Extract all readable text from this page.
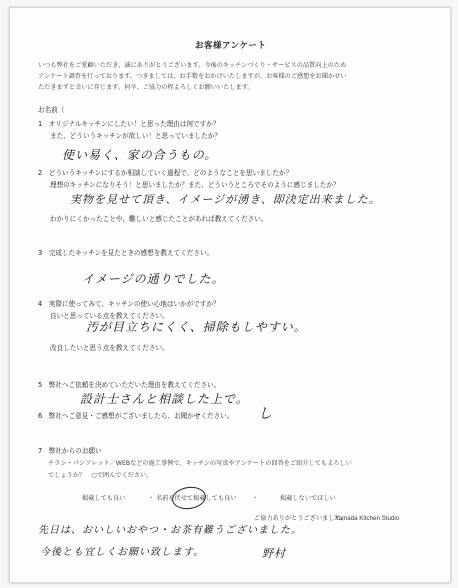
お客様アンケート
いつも弊社をご愛顧いただき、誠にありがとうございます。今後のキッチンづくり・サービスの品質向上のため
アンケート調査を行っております。つきましては、お手数をおかけいたしますが、お客様のご感想をお聞かせい
ただきますと幸いに存じます。何卒、ご協力の程よろしくお願いいたします。
お名前（
1　オリジナルキッチンにしたい！と思った理由は何ですか？
また、どういうキッチンが欲しい！と思っていましたか？
使い易く、家の合うもの。
2　どういうキッチンにするか相談していく過程で、どのようなことを思いましたか？
理想のキッチンになりそう！と思いましたか？また、どういうところでそのように感じましたか？
実物を見せて頂き、イメージが湧き、即決定出来ました。
わかりにくかったことや、難しいと感じたことがあれば教えてください。
3　完成したキッチンを見たときの感想を教えてください。
イメージの通りでした。
4　実際に使ってみて、キッチンの使い心地はいかがですか？
良いと思っている点を教えてください。
汚が目立ちにくく、掃除もしやすい。
改良したいと思う点を教えてください。
5　弊社へご依頼を決めていただいた理由を教えてください。
設計士さんと相談した上で。
6　弊社へご意見・ご感想がございましたら、お聞かせください。 し
7　弊社からのお願い
チラシ・パンフレット／WEBなどの施工事例で、キッチンの写真やアンケートの回答をご紹介してもよろしい
でしょうか？　○で囲んでください。
掲載しても良い	・ 名前を伏せて掲載しても良い	・	掲載しないでほしい
ご協力ありがとうございました。
Yamada Kitchen Studio
先日は、おいしいおやつ・お茶有難うございました。
今後とも宜しくお願い致します。	野村
